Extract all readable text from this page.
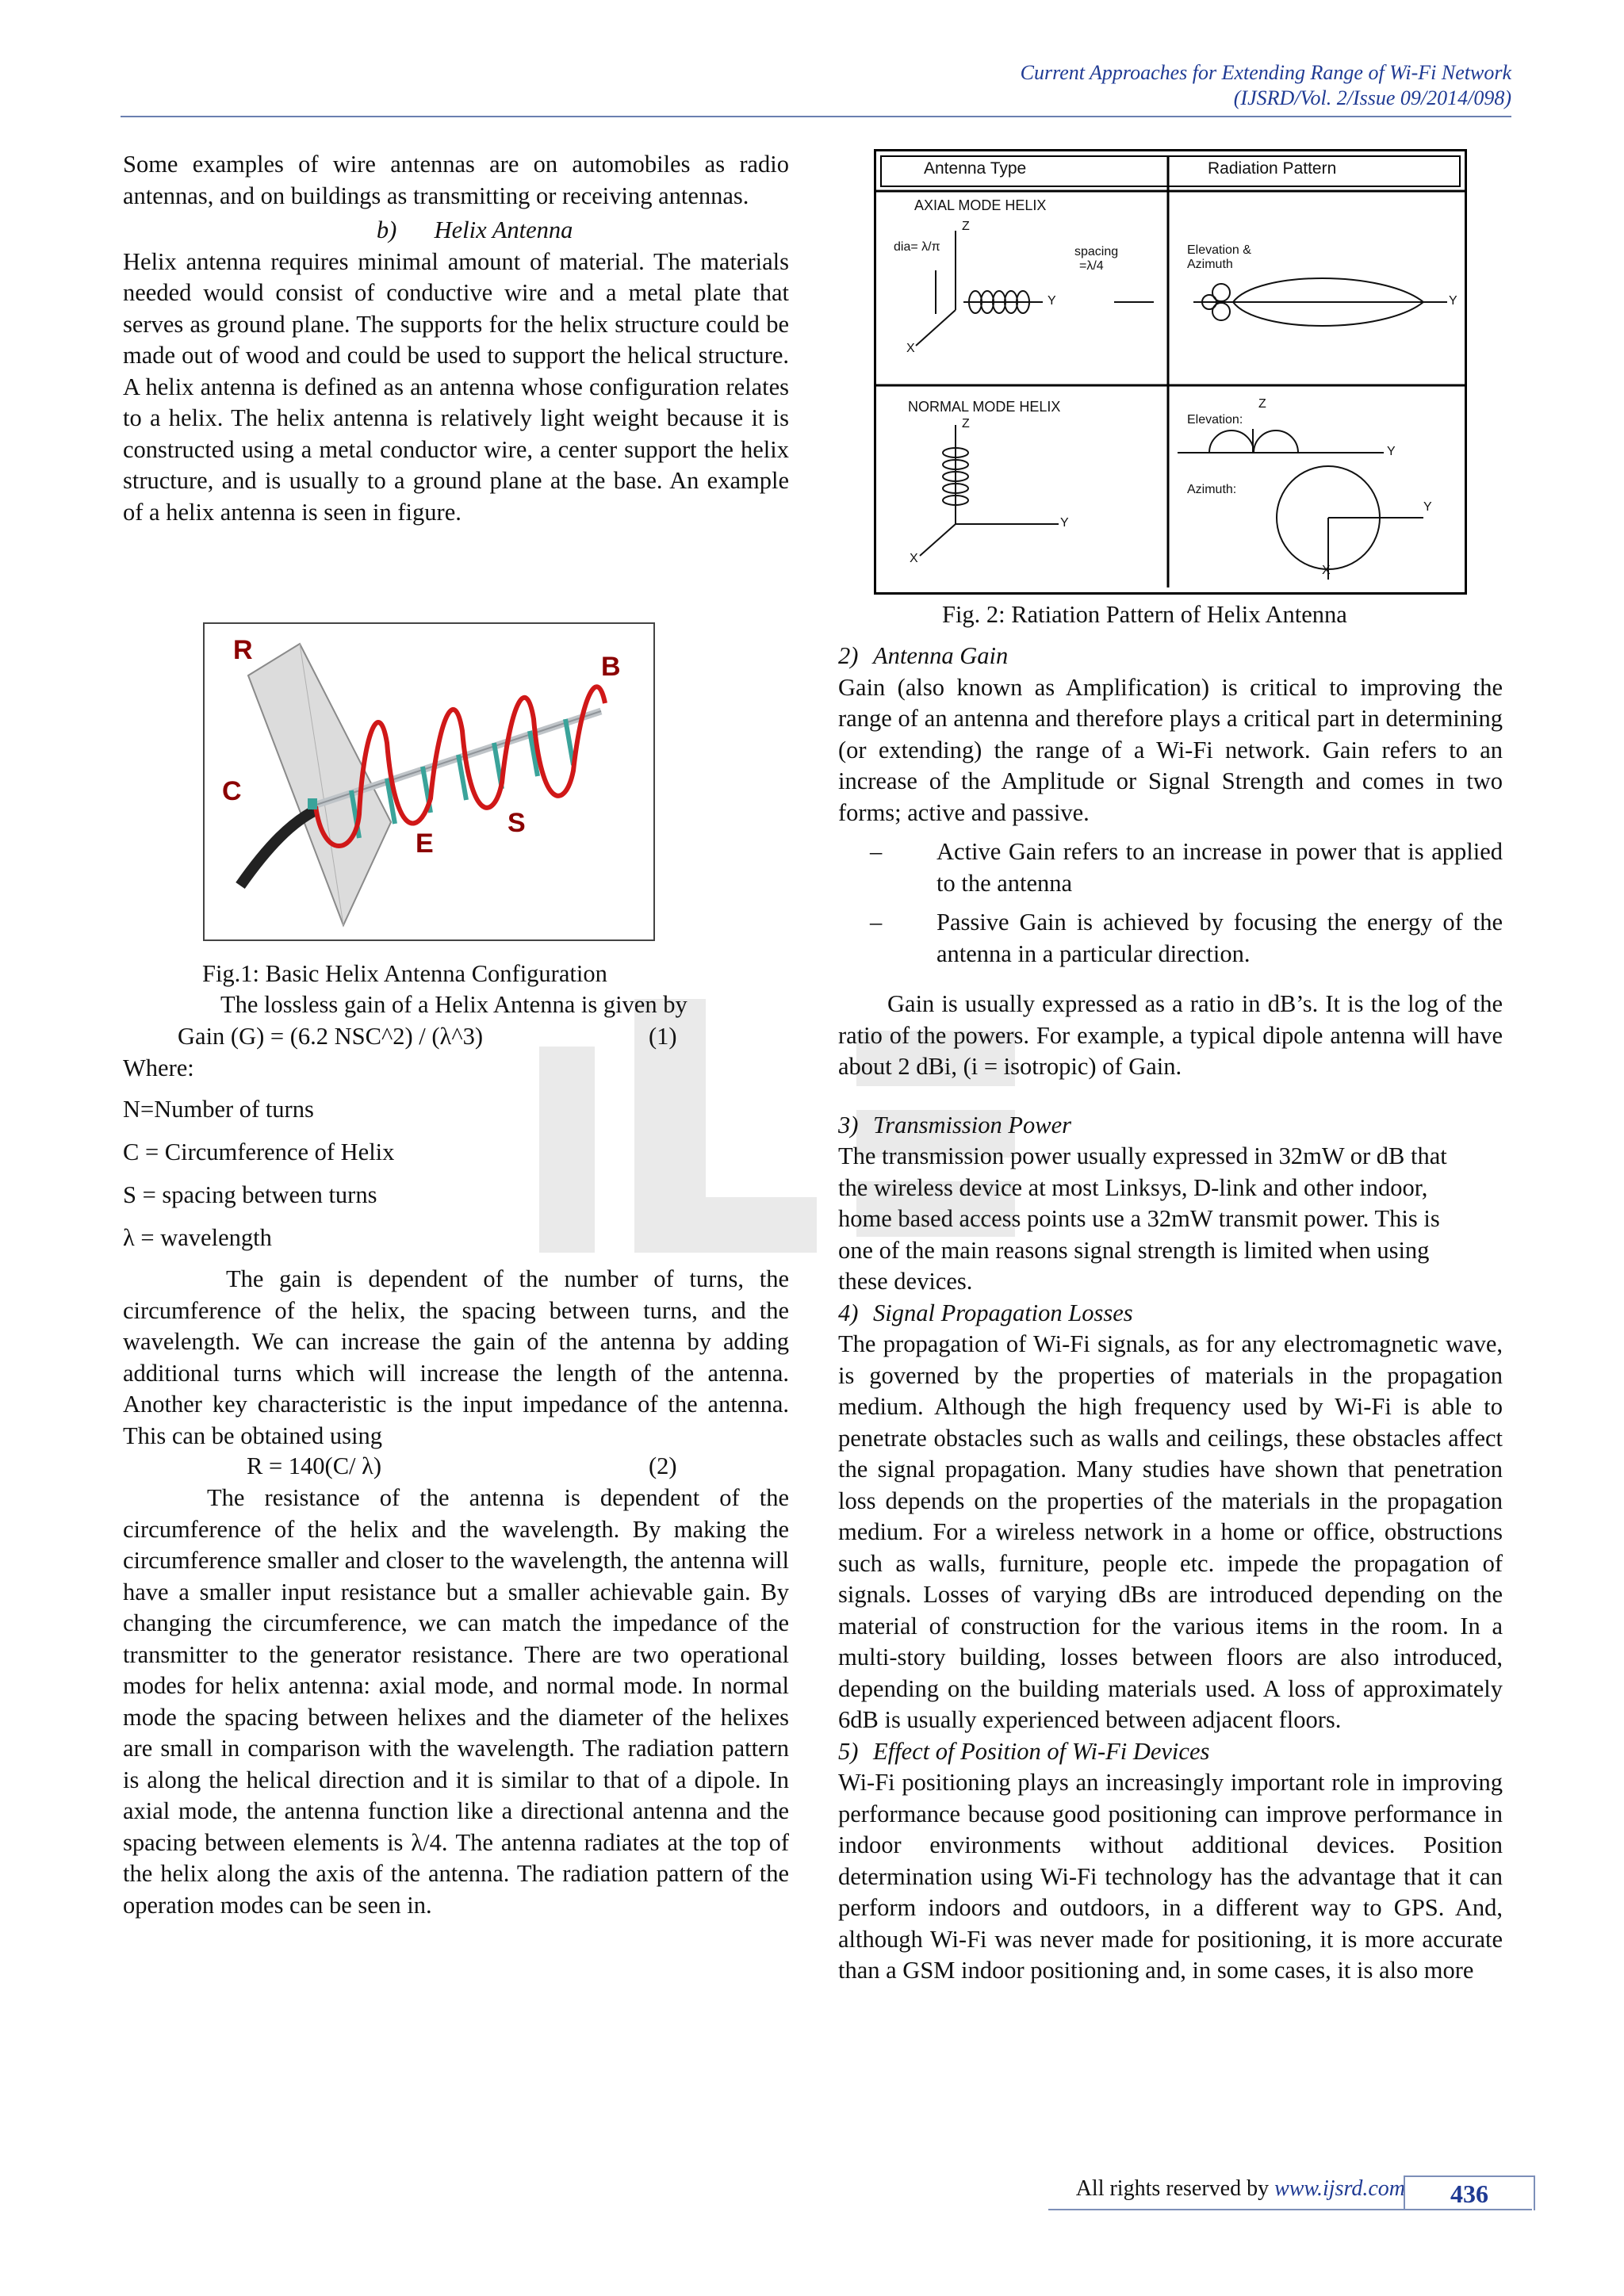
Current Approaches for Extending Range of Wi-Fi Network
(IJSRD/Vol. 2/Issue 09/2014/098)

Some examples of wire antennas are on automobiles as radio antennas, and on buildings as transmitting or receiving antennas.

b) Helix Antenna

Helix antenna requires minimal amount of material. The materials needed would consist of conductive wire and a metal plate that serves as ground plane. The supports for the helix structure could be made out of wood and could be used to support the helical structure. A helix antenna is defined as an antenna whose configuration relates to a helix. The helix antenna is relatively light weight because it is constructed using a metal conductor wire, a center support the helix structure, and is usually to a ground plane at the base. An example of a helix antenna is seen in figure.

R
B
C
E
S
Fig.1: Basic Helix Antenna Configuration
The lossless gain of a Helix Antenna is given by
Gain (G) = (6.2 NSC^2) / (λ^3)	(1)
Where:
N=Number of turns
C = Circumference of Helix
S = spacing between turns
λ = wavelength

The gain is dependent of the number of turns, the circumference of the helix, the spacing between turns, and the wavelength. We can increase the gain of the antenna by adding additional turns which will increase the length of the antenna. Another key characteristic is the input impedance of the antenna. This can be obtained using

R = 140(C/ λ)	(2)

The resistance of the antenna is dependent of the circumference of the helix and the wavelength. By making the circumference smaller and closer to the wavelength, the antenna will have a smaller input resistance but a smaller achievable gain. By changing the circumference, we can match the impedance of the transmitter to the generator resistance. There are two operational modes for helix antenna: axial mode, and normal mode. In normal mode the spacing between helixes and the diameter of the helixes are small in comparison with the wavelength. The radiation pattern is along the helical direction and it is similar to that of a dipole. In axial mode, the antenna function like a directional antenna and the spacing between elements is λ/4. The antenna radiates at the top of the helix along the axis of the antenna. The radiation pattern of the operation modes can be seen in.

Antenna Type	Radiation Pattern
AXIAL MODE HELIX
dia= λ/π	spacing
=λ/4
Z
Y
X
Elevation &
Azimuth
Y
NORMAL MODE HELIX
Z
Y
X
Elevation:
Z
Y
Azimuth:
Y
X
Fig. 2: Ratiation Pattern of Helix Antenna

2) Antenna Gain

Gain (also known as Amplification) is critical to improving the range of an antenna and therefore plays a critical part in determining (or extending) the range of a Wi-Fi network. Gain refers to an increase of the Amplitude or Signal Strength and comes in two forms; active and passive.

– Active Gain refers to an increase in power that is applied to the antenna

– Passive Gain is achieved by focusing the energy of the antenna in a particular direction.

Gain is usually expressed as a ratio in dB’s. It is the log of the ratio of the powers. For example, a typical dipole antenna will have about 2 dBi, (i = isotropic) of Gain.

3) Transmission Power

The transmission power usually expressed in 32mW or dB that the wireless device at most Linksys, D-link and other indoor, home based access points use a 32mW transmit power. This is one of the main reasons signal strength is limited when using these devices.

4) Signal Propagation Losses

The propagation of Wi-Fi signals, as for any electromagnetic wave, is governed by the properties of materials in the propagation medium. Although the high frequency used by Wi-Fi is able to penetrate obstacles such as walls and ceilings, these obstacles affect the signal propagation. Many studies have shown that penetration loss depends on the properties of the materials in the propagation medium. For a wireless network in a home or office, obstructions such as walls, furniture, people etc. impede the propagation of signals. Losses of varying dBs are introduced depending on the material of construction for the various items in the room. In a multi-story building, losses between floors are also introduced, depending on the building materials used. A loss of approximately 6dB is usually experienced between adjacent floors.

5) Effect of Position of Wi-Fi Devices

Wi-Fi positioning plays an increasingly important role in improving performance because good positioning can improve performance in indoor environments without additional devices. Position determination using Wi-Fi technology has the advantage that it can perform indoors and outdoors, in a different way to GPS. And, although Wi-Fi was never made for positioning, it is more accurate than a GSM indoor positioning and, in some cases, it is also more

All rights reserved by www.ijsrd.com	436
